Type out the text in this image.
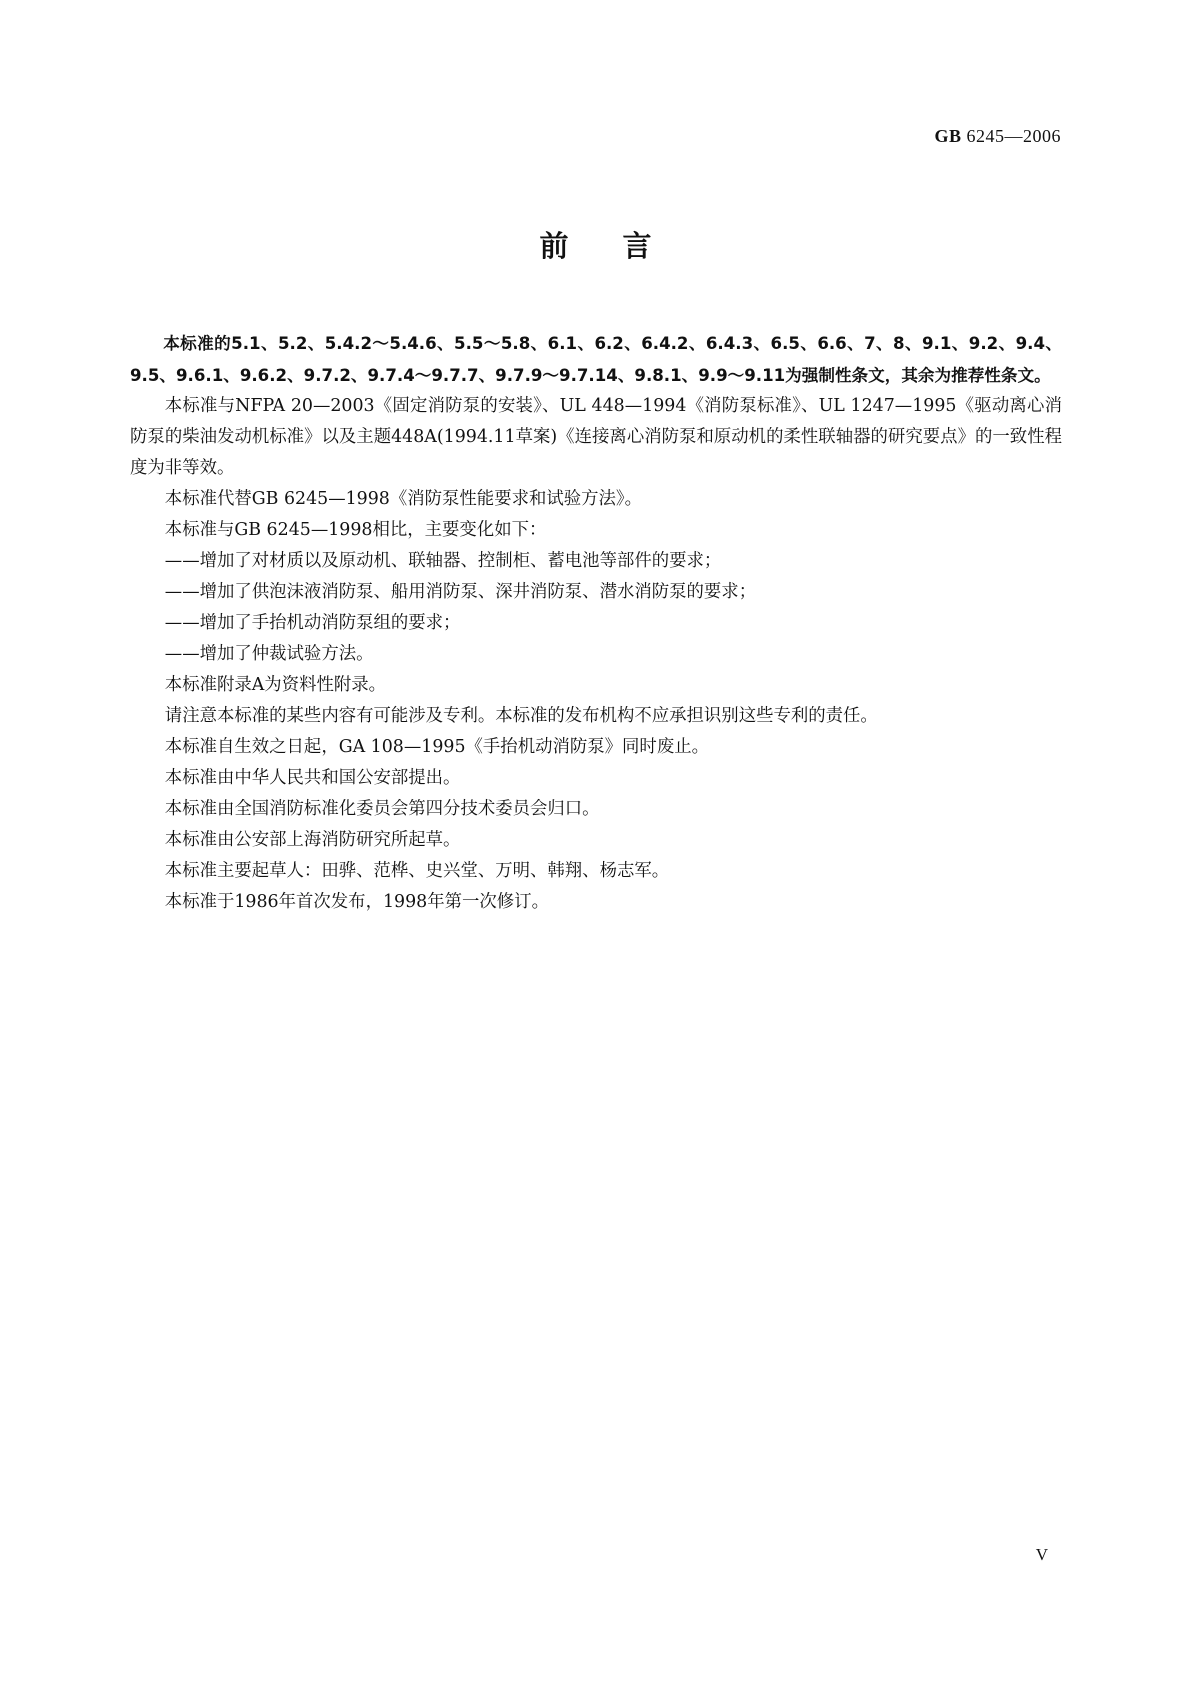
GB 6245—2006
前言

本标准的5.1、5.2、5.4.2～5.4.6、5.5～5.8、6.1、6.2、6.4.2、6.4.3、6.5、6.6、7、8、9.1、9.2、9.4、9.5、9.6.1、9.6.2、9.7.2、9.7.4～9.7.7、9.7.9～9.7.14、9.8.1、9.9～9.11为强制性条文，其余为推荐性条文。

本标准与NFPA 20—2003《固定消防泵的安装》、UL 448—1994《消防泵标准》、UL 1247—1995《驱动离心消防泵的柴油发动机标准》以及主题448A(1994.11草案)《连接离心消防泵和原动机的柔性联轴器的研究要点》的一致性程度为非等效。

本标准代替GB 6245—1998《消防泵性能要求和试验方法》。

本标准与GB 6245—1998相比，主要变化如下：

——增加了对材质以及原动机、联轴器、控制柜、蓄电池等部件的要求；

——增加了供泡沫液消防泵、船用消防泵、深井消防泵、潜水消防泵的要求；

——增加了手抬机动消防泵组的要求；

——增加了仲裁试验方法。

本标准附录A为资料性附录。

请注意本标准的某些内容有可能涉及专利。本标准的发布机构不应承担识别这些专利的责任。

本标准自生效之日起，GA 108—1995《手抬机动消防泵》同时废止。

本标准由中华人民共和国公安部提出。

本标准由全国消防标准化委员会第四分技术委员会归口。

本标准由公安部上海消防研究所起草。

本标准主要起草人：田骅、范桦、史兴堂、万明、韩翔、杨志军。

本标准于1986年首次发布，1998年第一次修订。

V
